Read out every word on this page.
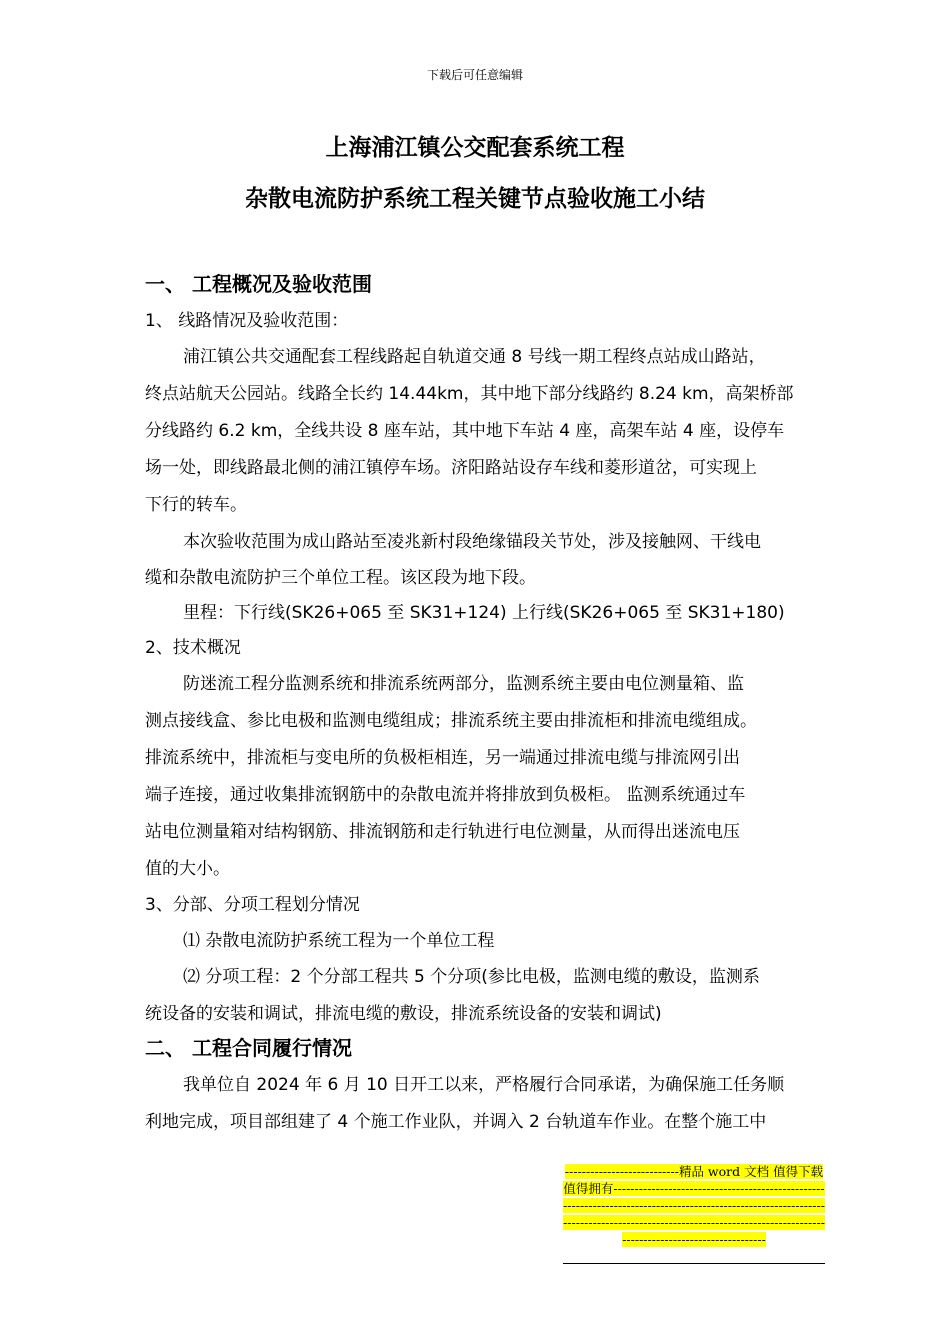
下载后可任意编辑
上海浦江镇公交配套系统工程
杂散电流防护系统工程关键节点验收施工小结
一、 工程概况及验收范围
1、 线路情况及验收范围：
浦江镇公共交通配套工程线路起自轨道交通 8 号线一期工程终点站成山路站，
终点站航天公园站。线路全长约 14.44km，其中地下部分线路约 8.24 km，高架桥部
分线路约 6.2 km，全线共设 8 座车站，其中地下车站 4 座，高架车站 4 座，设停车
场一处，即线路最北侧的浦江镇停车场。济阳路站设存车线和菱形道岔，可实现上
下行的转车。
本次验收范围为成山路站至凌兆新村段绝缘锚段关节处，涉及接触网、干线电
缆和杂散电流防护三个单位工程。该区段为地下段。
里程：下行线(SK26+065 至 SK31+124) 上行线(SK26+065 至 SK31+180)
2、技术概况
防迷流工程分监测系统和排流系统两部分，监测系统主要由电位测量箱、监
测点接线盒、参比电极和监测电缆组成；排流系统主要由排流柜和排流电缆组成。
排流系统中，排流柜与变电所的负极柜相连，另一端通过排流电缆与排流网引出
端子连接，通过收集排流钢筋中的杂散电流并将排放到负极柜。 监测系统通过车
站电位测量箱对结构钢筋、排流钢筋和走行轨进行电位测量，从而得出迷流电压
值的大小。
3、分部、分项工程划分情况
⑴ 杂散电流防护系统工程为一个单位工程
⑵ 分项工程：2 个分部工程共 5 个分项(参比电极，监测电缆的敷设，监测系
统设备的安装和调试，排流电缆的敷设，排流系统设备的安装和调试)
二、 工程合同履行情况
我单位自 2024 年 6 月 10 日开工以来，严格履行合同承诺，为确保施工任务顺
利地完成，项目部组建了 4 个施工作业队，并调入 2 台轨道车作业。在整个施工中
---------------------------精品 word 文档 值得下载 值得拥有----------------------------------------------------------------------------------------------------------------------------------------------------------------------------------------------------------------
